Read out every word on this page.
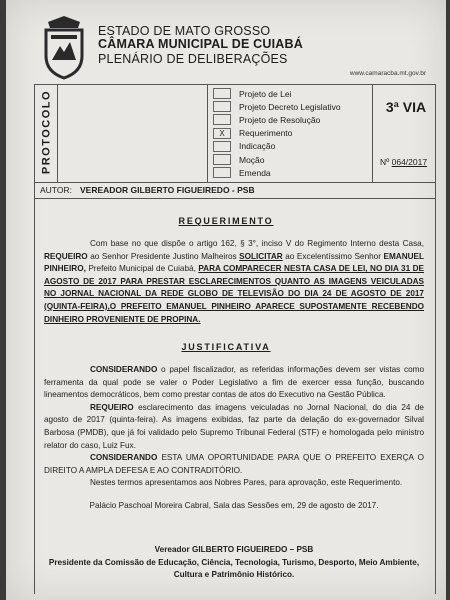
ESTADO DE MATO GROSSO
CÂMARA MUNICIPAL DE CUIABÁ
PLENÁRIO DE DELIBERAÇÕES
www.camaracba.mt.gov.br
PROTOCOLO	Projeto de Lei
Projeto Decreto Legislativo
Projeto de Resolução
X	Requerimento
Indicação
Moção
Emenda
3ª VIA
Nº 064/2017
AUTOR: VEREADOR GILBERTO FIGUEIREDO - PSB
REQUERIMENTO

Com base no que dispõe o artigo 162, § 3°, inciso V do Regimento Interno desta Casa, REQUEIRO ao Senhor Presidente Justino Malheiros SOLICITAR ao Excelentíssimo Senhor EMANUEL PINHEIRO, Prefeito Municipal de Cuiabá, PARA COMPARECER NESTA CASA DE LEI, NO DIA 31 DE AGOSTO DE 2017 PARA PRESTAR ESCLARECIMENTOS QUANTO AS IMAGENS VEICULADAS NO JORNAL NACIONAL DA REDE GLOBO DE TELEVISÃO DO DIA 24 DE AGOSTO DE 2017 (QUINTA-FEIRA),O PREFEITO EMANUEL PINHEIRO APARECE SUPOSTAMENTE RECEBENDO DINHEIRO PROVENIENTE DE PROPINA.

JUSTIFICATIVA

CONSIDERANDO o papel fiscalizador, as referidas informações devem ser vistas como ferramenta da qual pode se valer o Poder Legislativo a fim de exercer essa função, buscando lineamentos democráticos, bem como prestar contas de atos do Executivo na Gestão Pública.

REQUEIRO esclarecimento das imagens veiculadas no Jornal Nacional, do dia 24 de agosto de 2017 (quinta-feira). As imagens exibidas, faz parte da delação do ex-governador Silval Barbosa (PMDB), que já foi validado pelo Supremo Tribunal Federal (STF) e homologada pelo ministro relator do caso, Luiz Fux.

CONSIDERANDO ESTA UMA OPORTUNIDADE PARA QUE O PREFEITO EXERÇA O DIREITO A AMPLA DEFESA E AO CONTRADITÓRIO.

Nestes termos apresentamos aos Nobres Pares, para aprovação, este Requerimento.

Palácio Paschoal Moreira Cabral, Sala das Sessões em, 29 de agosto de 2017.
Vereador GILBERTO FIGUEIREDO – PSB
Presidente da Comissão de Educação, Ciência, Tecnologia, Turismo, Desporto, Meio Ambiente, Cultura e Patrimônio Histórico.
